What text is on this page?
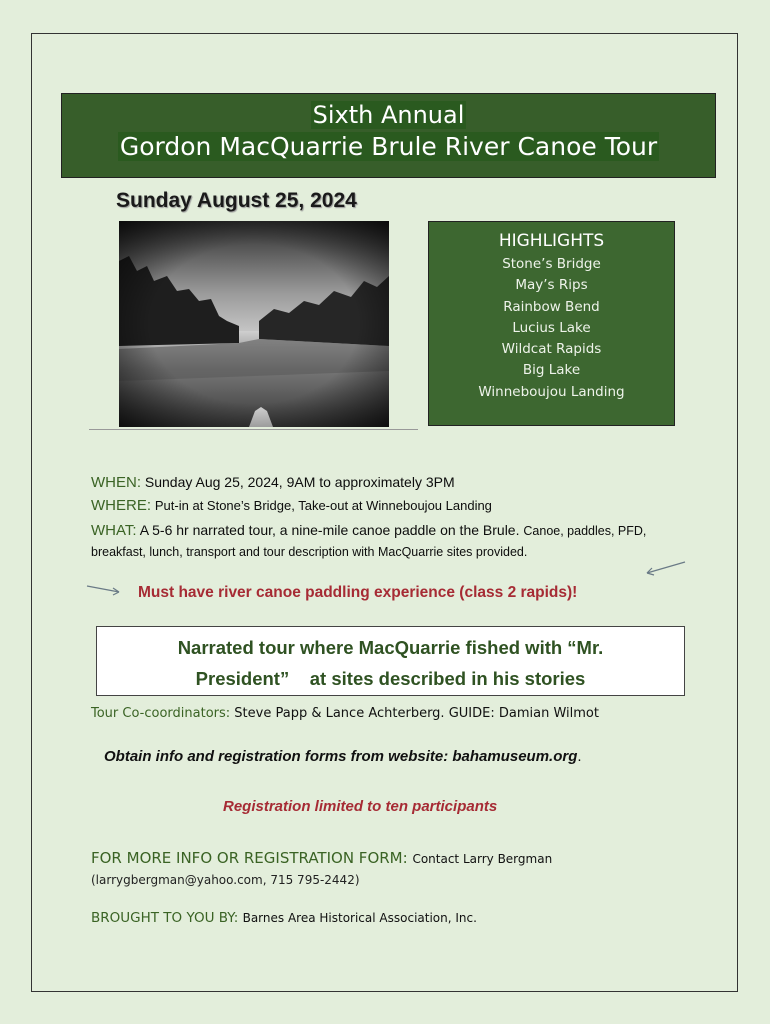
Sixth Annual
Gordon MacQuarrie Brule River Canoe Tour
Sunday August 25, 2024
HIGHLIGHTS
Stone’s Bridge
May’s Rips
Rainbow Bend
Lucius Lake
Wildcat Rapids
Big Lake
Winneboujou Landing
WHEN: Sunday Aug 25, 2024, 9AM to approximately 3PM
WHERE: Put-in at Stone’s Bridge, Take-out at Winneboujou Landing
WHAT: A 5-6 hr narrated tour, a nine-mile canoe paddle on the Brule. Canoe, paddles, PFD, breakfast, lunch, transport and tour description with MacQuarrie sites provided.
Must have river canoe paddling experience (class 2 rapids)!
Narrated tour where MacQuarrie fished with “Mr.
President”    at sites described in his stories
Tour Co-coordinators: Steve Papp & Lance Achterberg. GUIDE: Damian Wilmot
Obtain info and registration forms from website: bahamuseum.org.
Registration limited to ten participants
FOR MORE INFO OR REGISTRATION FORM: Contact Larry Bergman
(larrygbergman@yahoo.com, 715 795-2442)
BROUGHT TO YOU BY: Barnes Area Historical Association, Inc.
